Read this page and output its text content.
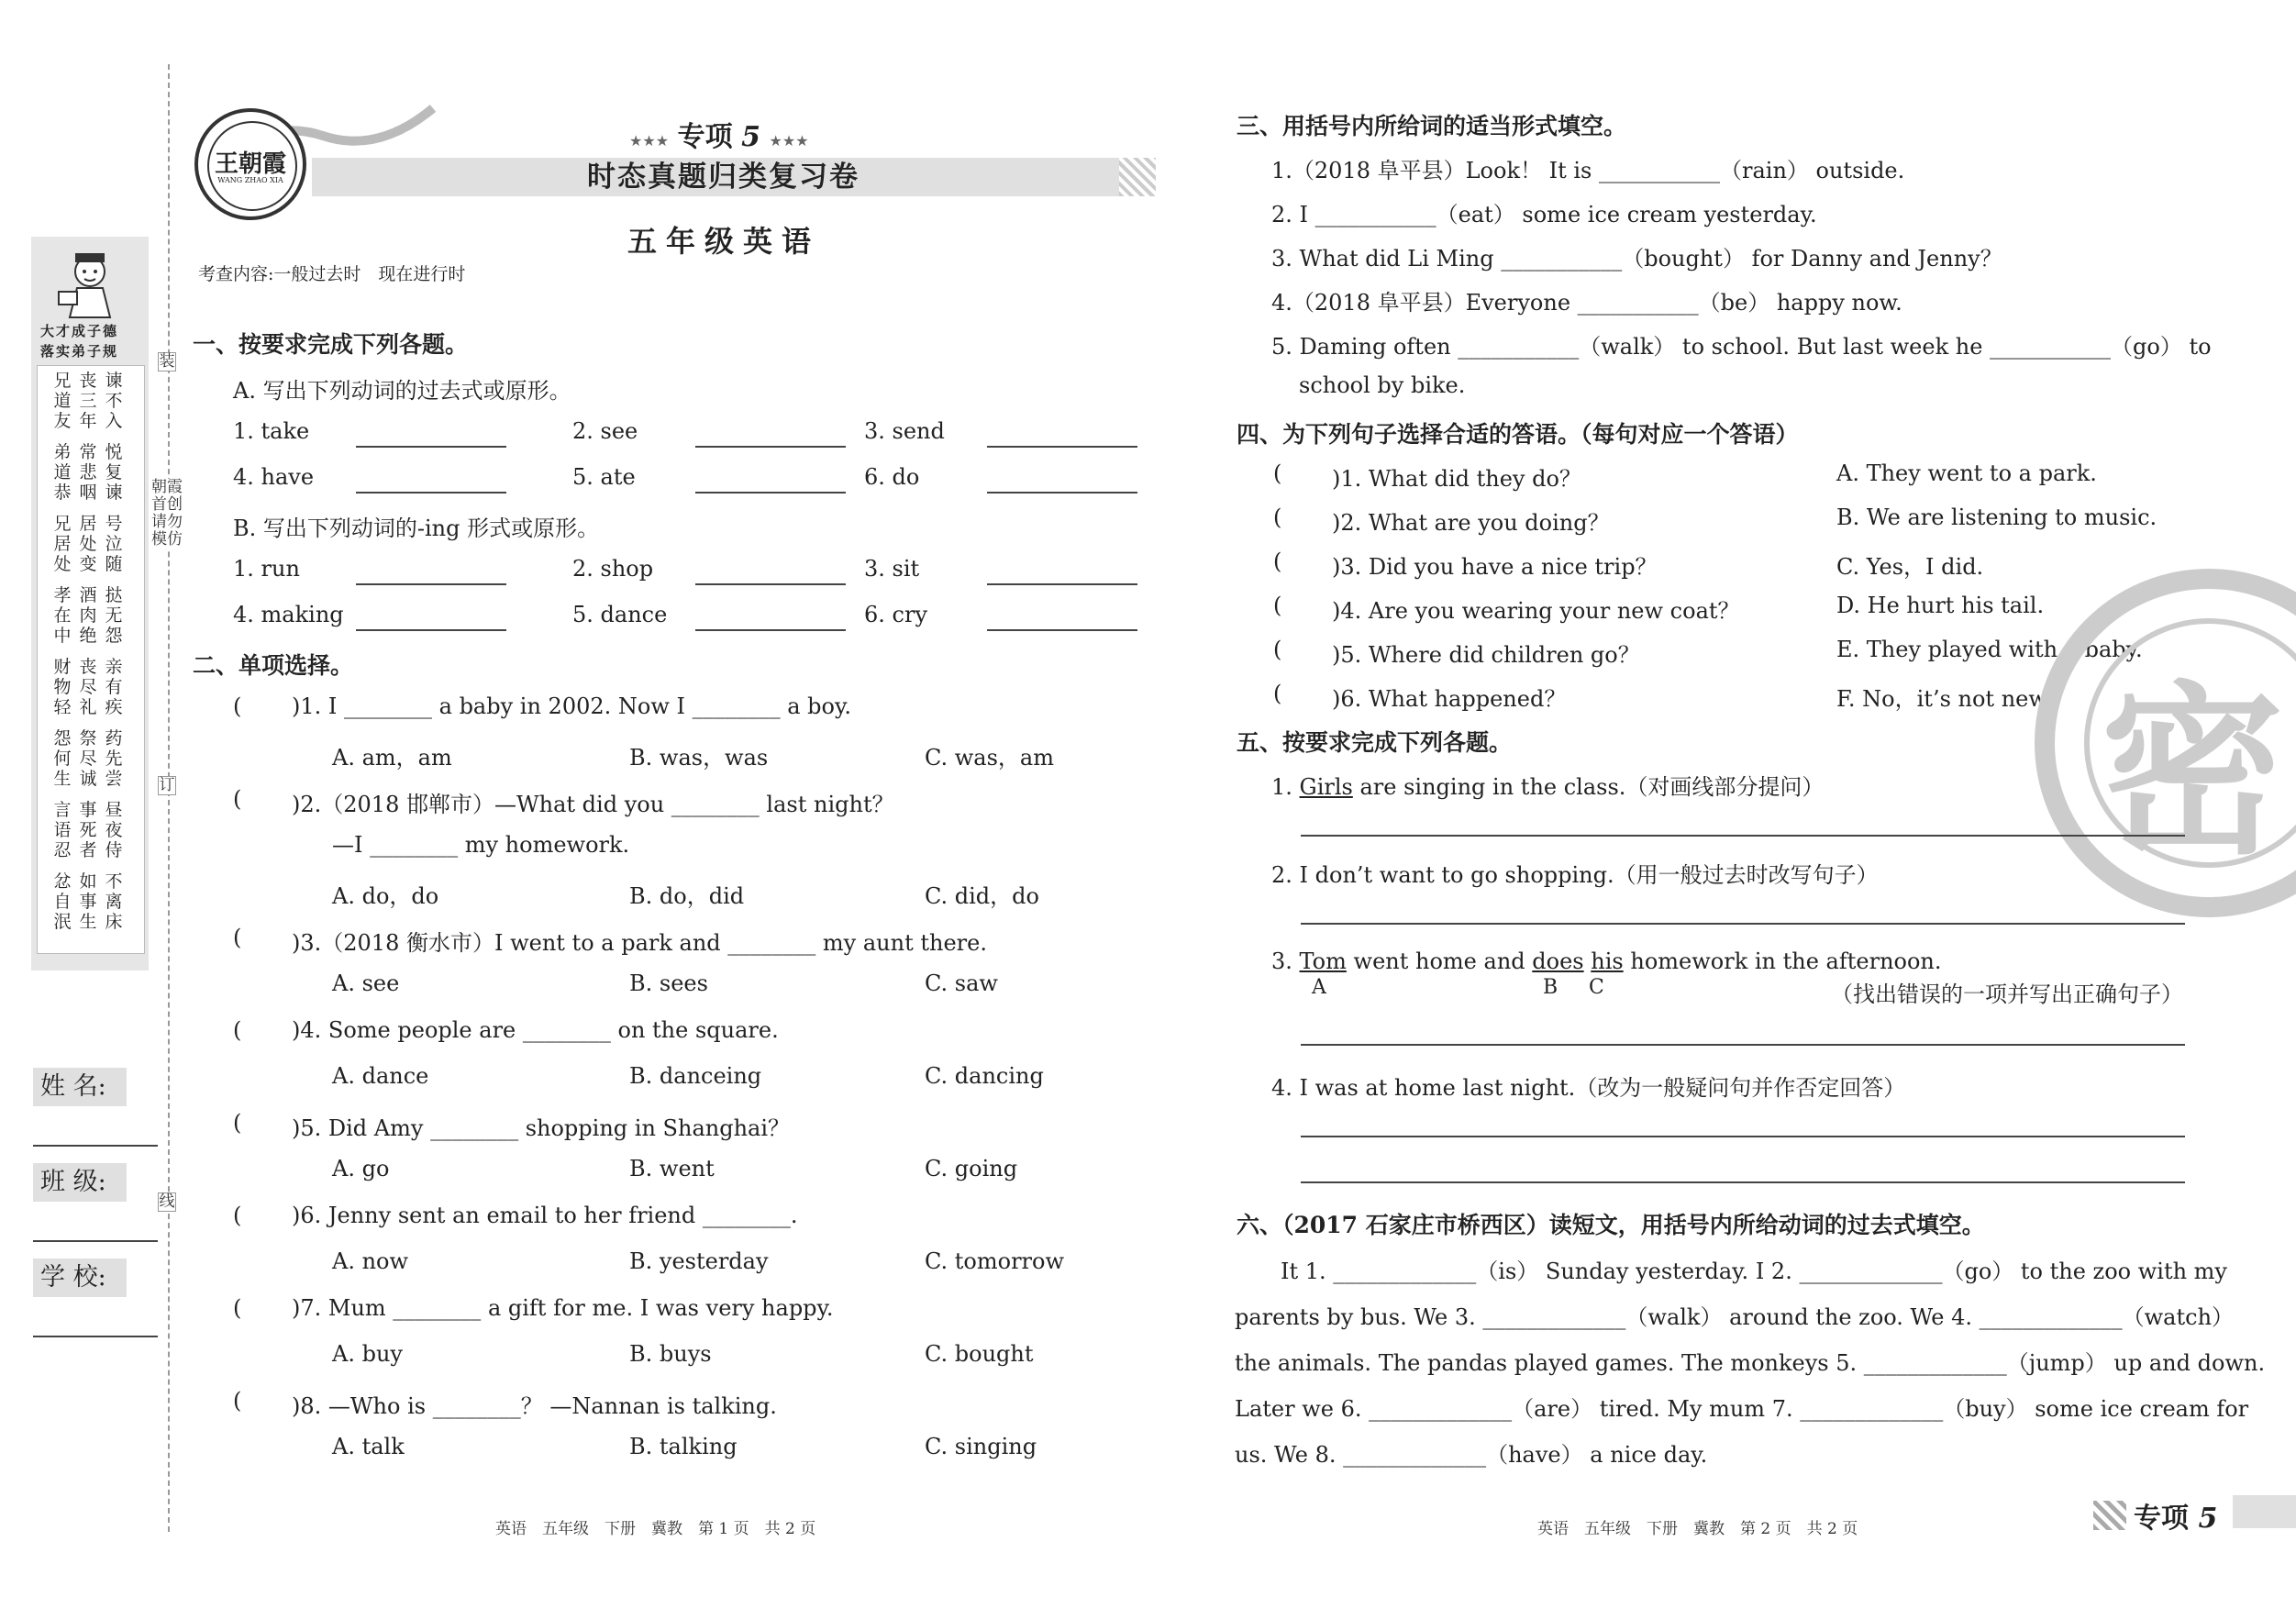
大才成子德
落实弟子规
兄道友
丧三年
谏不入
弟道恭
常悲咽
悦复谏
兄居处
居处变
号泣随
孝在中
酒肉绝
挞无怨
财物轻
丧尽礼
亲有疾
怨何生
祭尽诚
药先尝
言语忍
事死者
昼夜侍
忿自泯
如事生
不离床
姓 名:
班 级:
学 校:
装
朝霞首创请勿模仿
订
线
王朝霞
WANG ZHAO XIA
★★★ 专项 5 ★★★
时态真题归类复习卷
五年级英语
考查内容:一般过去时　现在进行时
一、按要求完成下列各题。
A. 写出下列动词的过去式或原形。
1. take	2. see	3. send
4. have	5. ate	6. do
B. 写出下列动词的-ing 形式或原形。
1. run	2. shop	3. sit
4. making	5. dance	6. cry
二、单项选择。
( )1. I ________ a baby in 2002. Now I ________ a boy.
A. am，am	B. was，was	C. was，am
( )2.（2018 邯郸市）—What did you ________ last night？
—I ________ my homework.
A. do，do	B. do，did	C. did，do
( )3.（2018 衡水市）I went to a park and ________ my aunt there.
A. see	B. sees	C. saw
( )4. Some people are ________ on the square.
A. dance	B. danceing	C. dancing
( )5. Did Amy ________ shopping in Shanghai？
A. go	B. went	C. going
( )6. Jenny sent an email to her friend ________.
A. now	B. yesterday	C. tomorrow
( )7. Mum ________ a gift for me. I was very happy.
A. buy	B. buys	C. bought
( )8. —Who is ________？ —Nannan is talking.
A. talk	B. talking	C. singing
三、用括号内所给词的适当形式填空。
1.（2018 阜平县）Look！ It is ___________（rain） outside.
2. I ___________（eat） some ice cream yesterday.
3. What did Li Ming ___________（bought） for Danny and Jenny？
4.（2018 阜平县）Everyone ___________（be） happy now.
5. Daming often ___________（walk） to school. But last week he ___________（go） to
school by bike.
四、为下列句子选择合适的答语。（每句对应一个答语）
( )1. What did they do？	A. They went to a park.
( )2. What are you doing？	B. We are listening to music.
( )3. Did you have a nice trip？	C. Yes，I did.
( )4. Are you wearing your new coat？	D. He hurt his tail.
( )5. Where did children go？	E. They played with a baby.
( )6. What happened？	F. No，it’s not new. 密
五、按要求完成下列各题。
1. Girls are singing in the class.（对画线部分提问）
2. I don’t want to go shopping.（用一般过去时改写句子）
3. Tom went home and does his homework in the afternoon.
A	B C	（找出错误的一项并写出正确句子）
4. I was at home last night.（改为一般疑问句并作否定回答）
六、（2017 石家庄市桥西区）读短文，用括号内所给动词的过去式填空。
It 1. _____________（is） Sunday yesterday. I 2. _____________（go） to the zoo with my
parents by bus. We 3. _____________（walk） around the zoo. We 4. _____________（watch）
the animals. The pandas played games. The monkeys 5. _____________（jump） up and down.
Later we 6. _____________（are） tired. My mum 7. _____________（buy） some ice cream for
us. We 8. _____________（have） a nice day.
英语　五年级　下册　冀教　第 1 页　共 2 页	英语　五年级　下册　冀教　第 2 页　共 2 页	专项 5
